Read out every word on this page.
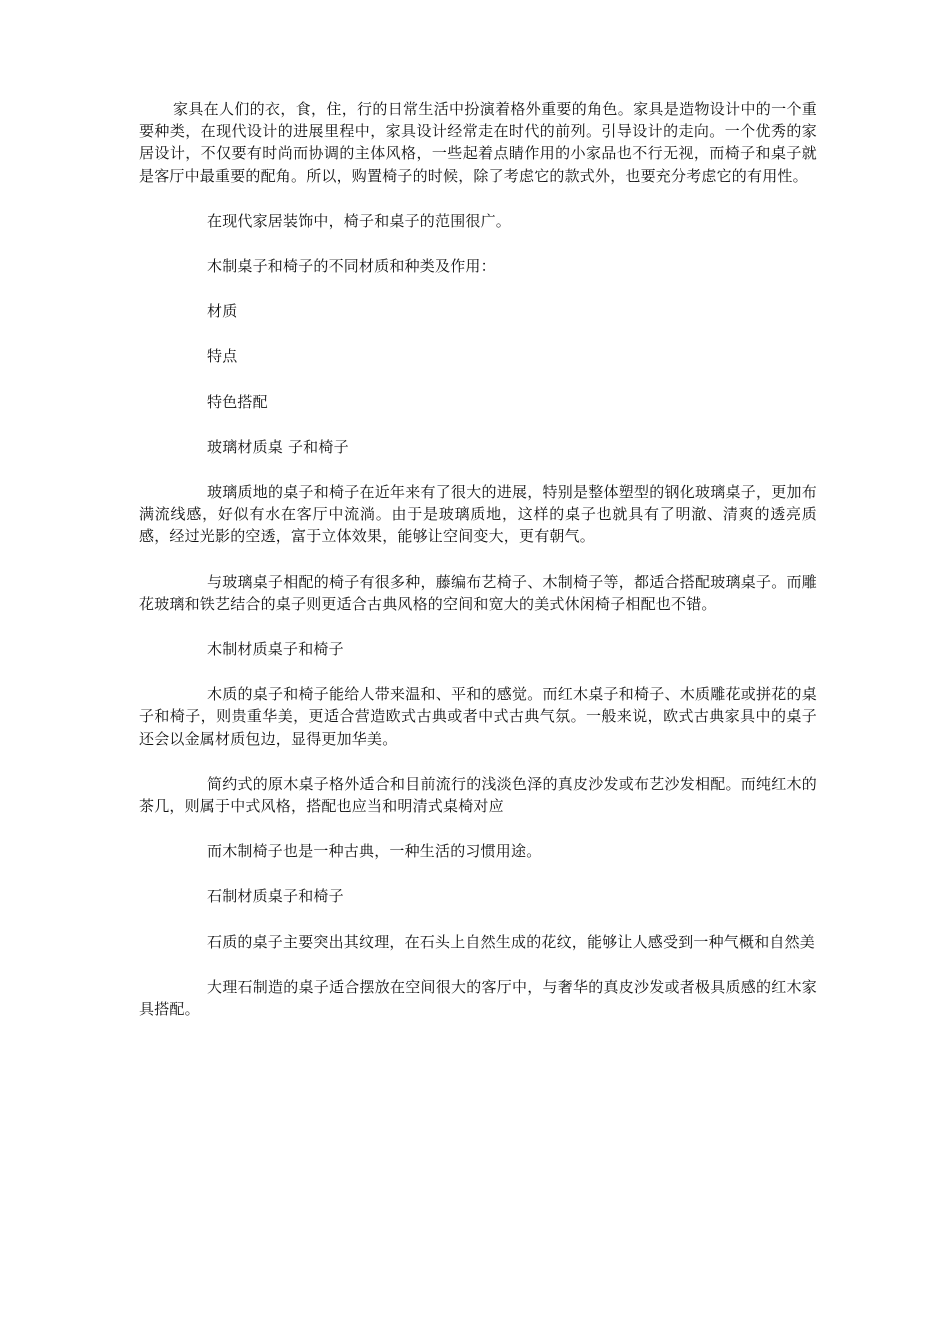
家具在人们的衣，食，住，行的日常生活中扮演着格外重要的角色。家具是造物设计中的一个重要种类，在现代设计的进展里程中，家具设计经常走在时代的前列。引导设计的走向。一个优秀的家居设计，不仅要有时尚而协调的主体风格，一些起着点睛作用的小家品也不行无视，而椅子和桌子就是客厅中最重要的配角。所以，购置椅子的时候，除了考虑它的款式外，也要充分考虑它的有用性。

在现代家居装饰中，椅子和桌子的范围很广。

木制桌子和椅子的不同材质和种类及作用：

材质

特点

特色搭配

玻璃材质桌 子和椅子

玻璃质地的桌子和椅子在近年来有了很大的进展，特别是整体塑型的钢化玻璃桌子，更加布满流线感，好似有水在客厅中流淌。由于是玻璃质地，这样的桌子也就具有了明澈、清爽的透亮质感，经过光影的空透，富于立体效果，能够让空间变大，更有朝气。

与玻璃桌子相配的椅子有很多种，藤编布艺椅子、木制椅子等，都适合搭配玻璃桌子。而雕花玻璃和铁艺结合的桌子则更适合古典风格的空间和宽大的美式休闲椅子相配也不错。

木制材质桌子和椅子

木质的桌子和椅子能给人带来温和、平和的感觉。而红木桌子和椅子、木质雕花或拼花的桌子和椅子，则贵重华美，更适合营造欧式古典或者中式古典气氛。一般来说，欧式古典家具中的桌子还会以金属材质包边，显得更加华美。

简约式的原木桌子格外适合和目前流行的浅淡色泽的真皮沙发或布艺沙发相配。而纯红木的茶几，则属于中式风格，搭配也应当和明清式桌椅对应

而木制椅子也是一种古典，一种生活的习惯用途。

石制材质桌子和椅子

石质的桌子主要突出其纹理，在石头上自然生成的花纹，能够让人感受到一种气概和自然美

大理石制造的桌子适合摆放在空间很大的客厅中，与奢华的真皮沙发或者极具质感的红木家具搭配。
